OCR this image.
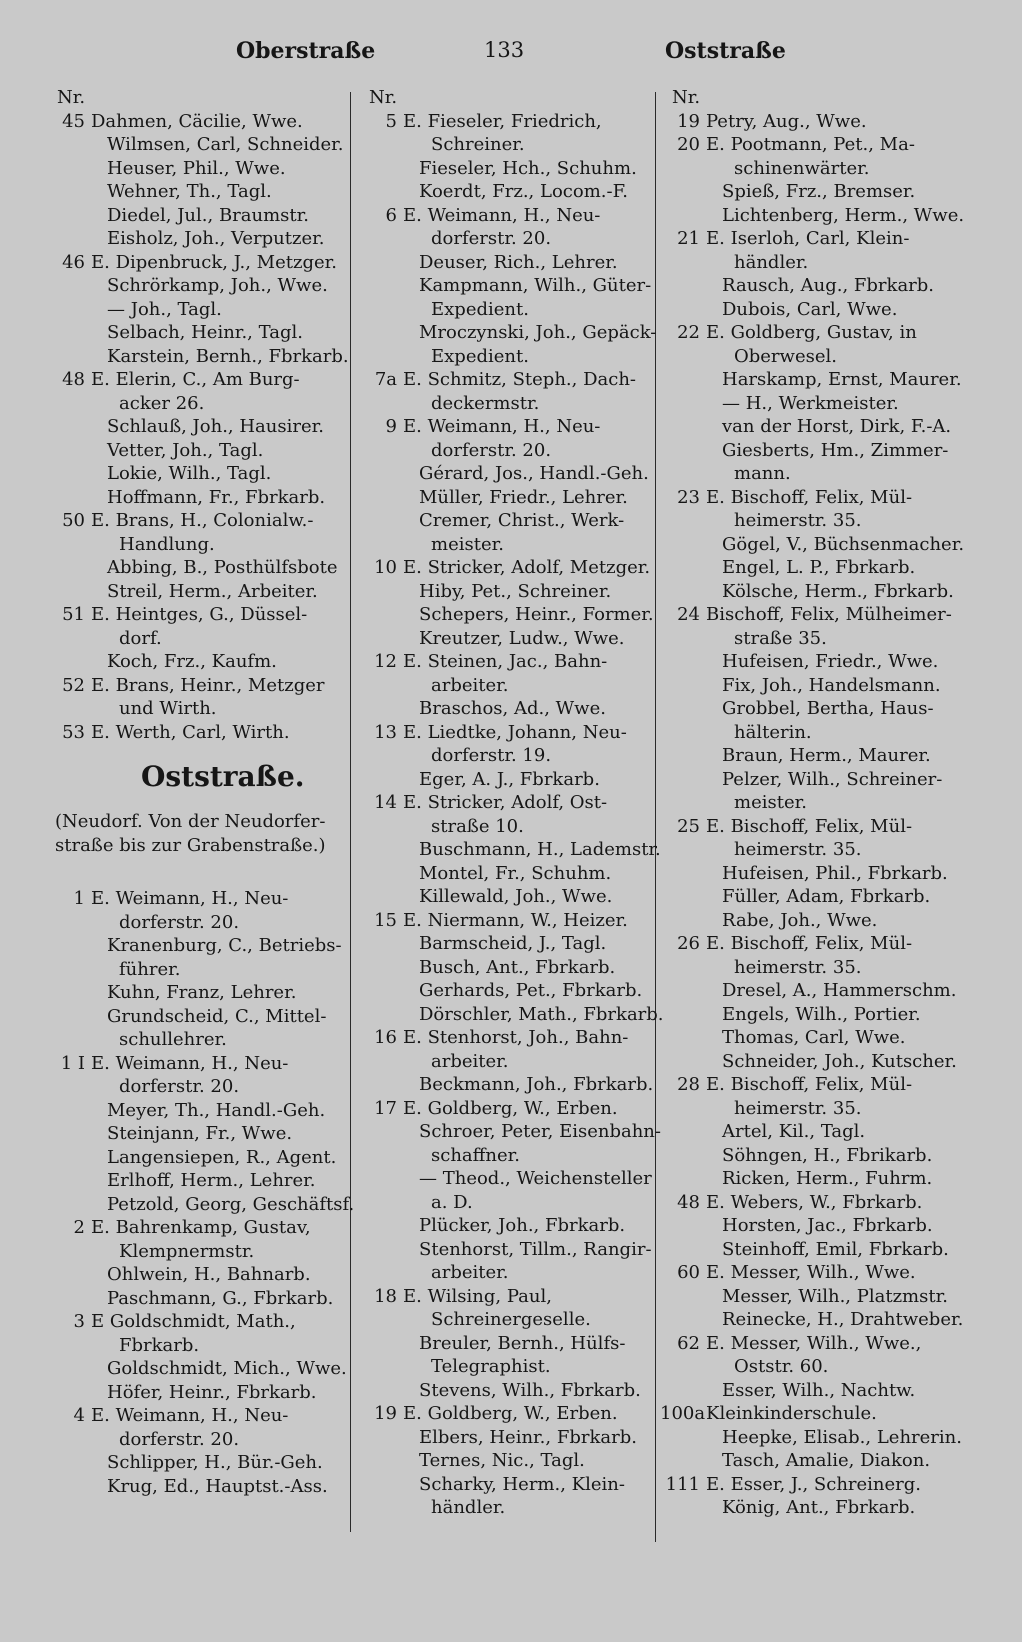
Oberstraße	133	Oststraße
Nr.
45 Dahmen, Cäcilie, Wwe.
Wilmsen, Carl, Schneider.
Heuser, Phil., Wwe.
Wehner, Th., Tagl.
Diedel, Jul., Braumstr.
Eisholz, Joh., Verputzer.
46 E. Dipenbruck, J., Metzger.
Schrörkamp, Joh., Wwe.
— Joh., Tagl.
Selbach, Heinr., Tagl.
Karstein, Bernh., Fbrkarb.
48 E. Elerin, C., Am Burg-
acker 26.
Schlauß, Joh., Hausirer.
Vetter, Joh., Tagl.
Lokie, Wilh., Tagl.
Hoffmann, Fr., Fbrkarb.
50 E. Brans, H., Colonialw.-
Handlung.
Abbing, B., Posthülfsbote
Streil, Herm., Arbeiter.
51 E. Heintges, G., Düssel-
dorf.
Koch, Frz., Kaufm.
52 E. Brans, Heinr., Metzger
und Wirth.
53 E. Werth, Carl, Wirth.
Oststraße.
(Neudorf. Von der Neudorfer-
straße bis zur Grabenstraße.)
1 E. Weimann, H., Neu-
dorferstr. 20.
Kranenburg, C., Betriebs-
führer.
Kuhn, Franz, Lehrer.
Grundscheid, C., Mittel-
schullehrer.
1 I E. Weimann, H., Neu-
dorferstr. 20.
Meyer, Th., Handl.-Geh.
Steinjann, Fr., Wwe.
Langensiepen, R., Agent.
Erlhoff, Herm., Lehrer.
Petzold, Georg, Geschäftsf.
2 E. Bahrenkamp, Gustav,
Klempnermstr.
Ohlwein, H., Bahnarb.
Paschmann, G., Fbrkarb.
3 E Goldschmidt, Math.,
Fbrkarb.
Goldschmidt, Mich., Wwe.
Höfer, Heinr., Fbrkarb.
4 E. Weimann, H., Neu-
dorferstr. 20.
Schlipper, H., Bür.-Geh.
Krug, Ed., Hauptst.-Ass.
Nr.
5 E. Fieseler, Friedrich,
Schreiner.
Fieseler, Hch., Schuhm.
Koerdt, Frz., Locom.-F.
6 E. Weimann, H., Neu-
dorferstr. 20.
Deuser, Rich., Lehrer.
Kampmann, Wilh., Güter-
Expedient.
Mroczynski, Joh., Gepäck-
Expedient.
7a E. Schmitz, Steph., Dach-
deckermstr.
9 E. Weimann, H., Neu-
dorferstr. 20.
Gérard, Jos., Handl.-Geh.
Müller, Friedr., Lehrer.
Cremer, Christ., Werk-
meister.
10 E. Stricker, Adolf, Metzger.
Hiby, Pet., Schreiner.
Schepers, Heinr., Former.
Kreutzer, Ludw., Wwe.
12 E. Steinen, Jac., Bahn-
arbeiter.
Braschos, Ad., Wwe.
13 E. Liedtke, Johann, Neu-
dorferstr. 19.
Eger, A. J., Fbrkarb.
14 E. Stricker, Adolf, Ost-
straße 10.
Buschmann, H., Lademstr.
Montel, Fr., Schuhm.
Killewald, Joh., Wwe.
15 E. Niermann, W., Heizer.
Barmscheid, J., Tagl.
Busch, Ant., Fbrkarb.
Gerhards, Pet., Fbrkarb.
Dörschler, Math., Fbrkarb.
16 E. Stenhorst, Joh., Bahn-
arbeiter.
Beckmann, Joh., Fbrkarb.
17 E. Goldberg, W., Erben.
Schroer, Peter, Eisenbahn-
schaffner.
— Theod., Weichensteller
a. D.
Plücker, Joh., Fbrkarb.
Stenhorst, Tillm., Rangir-
arbeiter.
18 E. Wilsing, Paul,
Schreinergeselle.
Breuler, Bernh., Hülfs-
Telegraphist.
Stevens, Wilh., Fbrkarb.
19 E. Goldberg, W., Erben.
Elbers, Heinr., Fbrkarb.
Ternes, Nic., Tagl.
Scharky, Herm., Klein-
händler.
Nr.
19 Petry, Aug., Wwe.
20 E. Pootmann, Pet., Ma-
schinenwärter.
Spieß, Frz., Bremser.
Lichtenberg, Herm., Wwe.
21 E. Iserloh, Carl, Klein-
händler.
Rausch, Aug., Fbrkarb.
Dubois, Carl, Wwe.
22 E. Goldberg, Gustav, in
Oberwesel.
Harskamp, Ernst, Maurer.
— H., Werkmeister.
van der Horst, Dirk, F.-A.
Giesberts, Hm., Zimmer-
mann.
23 E. Bischoff, Felix, Mül-
heimerstr. 35.
Gögel, V., Büchsenmacher.
Engel, L. P., Fbrkarb.
Kölsche, Herm., Fbrkarb.
24 Bischoff, Felix, Mülheimer-
straße 35.
Hufeisen, Friedr., Wwe.
Fix, Joh., Handelsmann.
Grobbel, Bertha, Haus-
hälterin.
Braun, Herm., Maurer.
Pelzer, Wilh., Schreiner-
meister.
25 E. Bischoff, Felix, Mül-
heimerstr. 35.
Hufeisen, Phil., Fbrkarb.
Füller, Adam, Fbrkarb.
Rabe, Joh., Wwe.
26 E. Bischoff, Felix, Mül-
heimerstr. 35.
Dresel, A., Hammerschm.
Engels, Wilh., Portier.
Thomas, Carl, Wwe.
Schneider, Joh., Kutscher.
28 E. Bischoff, Felix, Mül-
heimerstr. 35.
Artel, Kil., Tagl.
Söhngen, H., Fbrikarb.
Ricken, Herm., Fuhrm.
48 E. Webers, W., Fbrkarb.
Horsten, Jac., Fbrkarb.
Steinhoff, Emil, Fbrkarb.
60 E. Messer, Wilh., Wwe.
Messer, Wilh., Platzmstr.
Reinecke, H., Drahtweber.
62 E. Messer, Wilh., Wwe.,
Oststr. 60.
Esser, Wilh., Nachtw.
100a Kleinkinderschule.
Heepke, Elisab., Lehrerin.
Tasch, Amalie, Diakon.
111 E. Esser, J., Schreinerg.
König, Ant., Fbrkarb.
